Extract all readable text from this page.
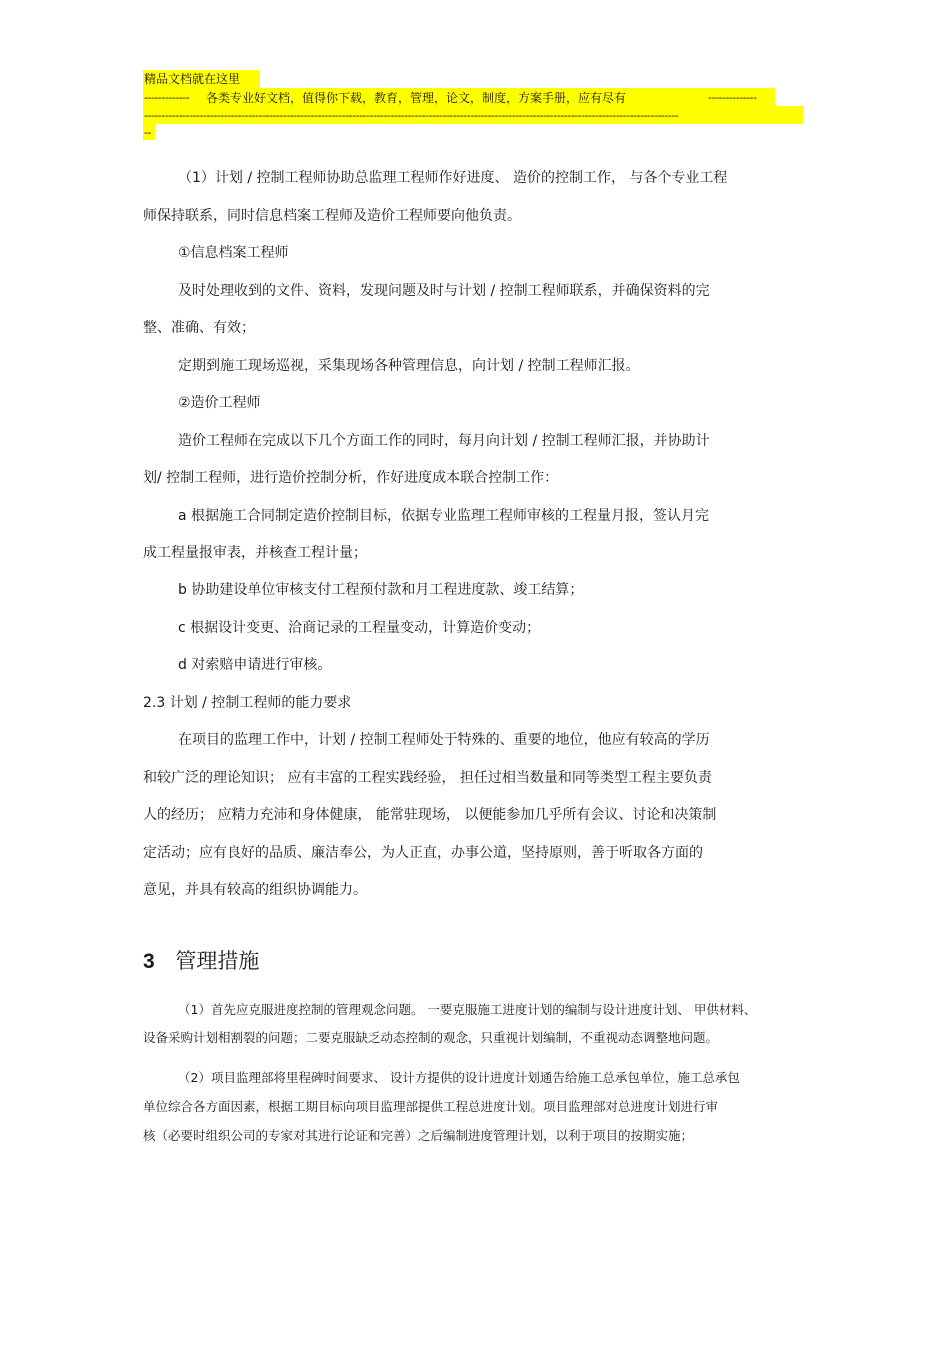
精品文档就在这里
------------- 各类专业好文档，值得你下载，教育，管理，论文，制度，方案手册，应有尽有	--------------
----------------------------------------------------------------------------------------------------------------------------------------------------------
--
（1）计划 / 控制工程师协助总监理工程师作好进度、 造价的控制工作， 与各个专业工程
师保持联系，同时信息档案工程师及造价工程师要向他负责。
①信息档案工程师
及时处理收到的文件、资料，发现问题及时与计划 / 控制工程师联系，并确保资料的完
整、准确、有效；
定期到施工现场巡视，采集现场各种管理信息，向计划 / 控制工程师汇报。
②造价工程师
造价工程师在完成以下几个方面工作的同时，每月向计划 / 控制工程师汇报，并协助计
划/ 控制工程师，进行造价控制分析，作好进度成本联合控制工作：
a 根据施工合同制定造价控制目标，依据专业监理工程师审核的工程量月报，签认月完
成工程量报审表，并核查工程计量；
b 协助建设单位审核支付工程预付款和月工程进度款、竣工结算；
c 根据设计变更、洽商记录的工程量变动，计算造价变动；
d 对索赔申请进行审核。
2.3 计划 / 控制工程师的能力要求
在项目的监理工作中，计划 / 控制工程师处于特殊的、重要的地位，他应有较高的学历
和较广泛的理论知识； 应有丰富的工程实践经验， 担任过相当数量和同等类型工程主要负责
人的经历； 应精力充沛和身体健康， 能常驻现场， 以便能参加几乎所有会议、讨论和决策制
定活动；应有良好的品质、廉洁奉公，为人正直，办事公道，坚持原则，善于听取各方面的
意见，并具有较高的组织协调能力。
3 管理措施
（1）首先应克服进度控制的管理观念问题。 一要克服施工进度计划的编制与设计进度计划、 甲供材料、
设备采购计划相割裂的问题；二要克服缺乏动态控制的观念，只重视计划编制，不重视动态调整地问题。
（2）项目监理部将里程碑时间要求、 设计方提供的设计进度计划通告给施工总承包单位，施工总承包
单位综合各方面因素，根据工期目标向项目监理部提供工程总进度计划。项目监理部对总进度计划进行审
核（必要时组织公司的专家对其进行论证和完善）之后编制进度管理计划，以利于项目的按期实施；
